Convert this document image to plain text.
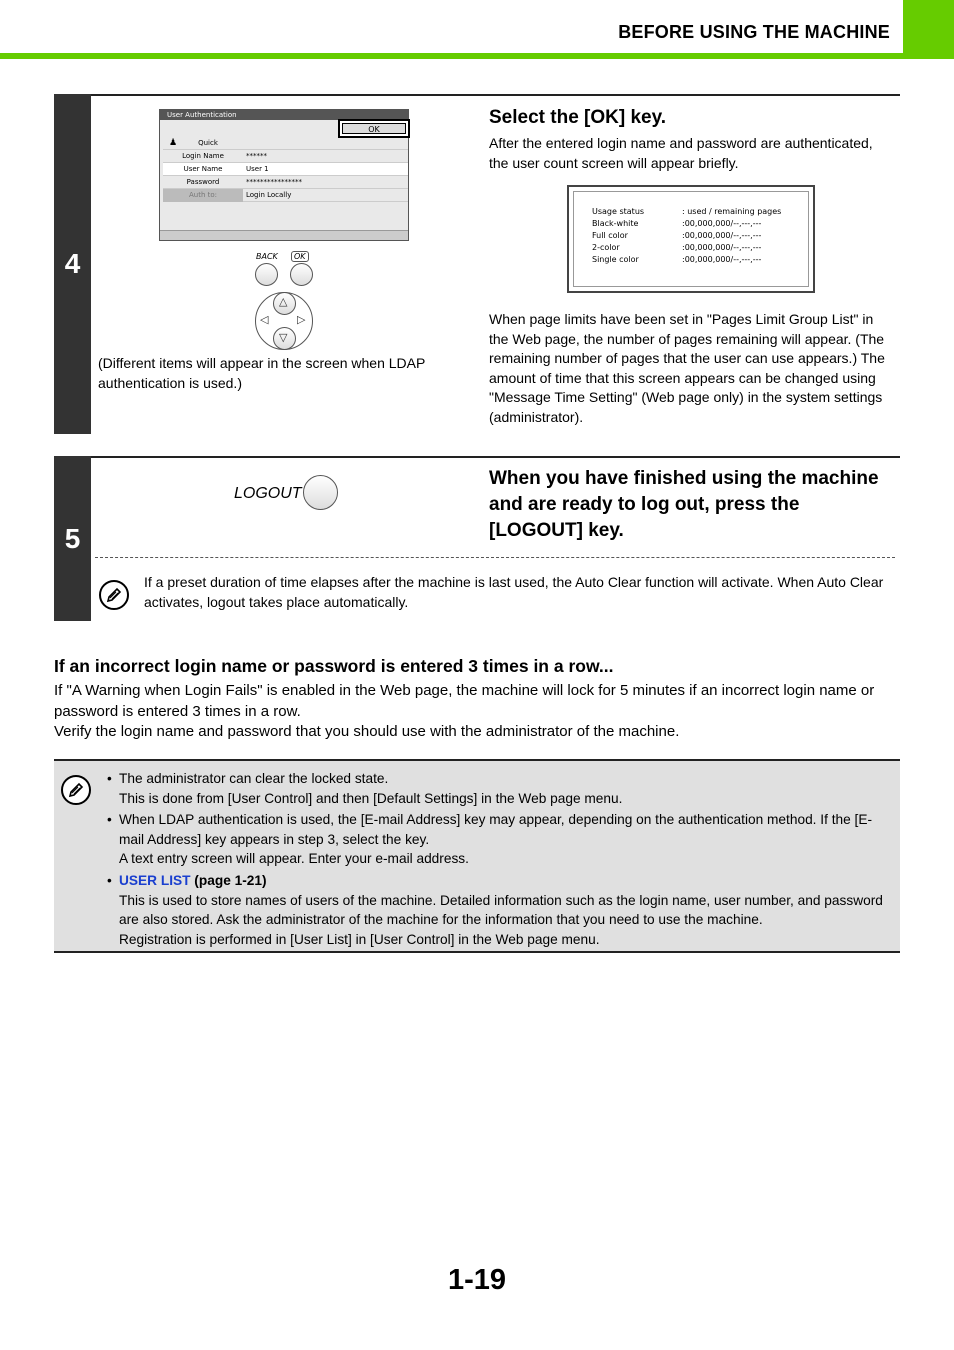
BEFORE USING THE MACHINE
4
User Authentication
OK
♟	Quick
Login Name	******
User Name	User 1
Password	****************
Auth to:	Login Locally
BACK	OK
△
▽
◁	▷
(Different items will appear in the screen when LDAP authentication is used.)
Select the [OK] key.
After the entered login name and password are authenticated, the user count screen will appear briefly.
Usage status	: used / remaining pages
Black-white	:00,000,000/--,---,---
Full color	:00,000,000/--,---,---
2-color	:00,000,000/--,---,---
Single color	:00,000,000/--,---,---
When page limits have been set in "Pages Limit Group List" in the Web page, the number of pages remaining will appear. (The remaining number of pages that the user can use appears.) The amount of time that this screen appears can be changed using "Message Time Setting" (Web page only) in the system settings (administrator).
5
LOGOUT
When you have finished using the machine and are ready to log out, press the [LOGOUT] key.
If a preset duration of time elapses after the machine is last used, the Auto Clear function will activate. When Auto Clear activates, logout takes place automatically.
If an incorrect login name or password is entered 3 times in a row...
If "A Warning when Login Fails" is enabled in the Web page, the machine will lock for 5 minutes if an incorrect login name or password is entered 3 times in a row.
Verify the login name and password that you should use with the administrator of the machine.
• The administrator can clear the locked state.
This is done from [User Control] and then [Default Settings] in the Web page menu.
• When LDAP authentication is used, the [E-mail Address] key may appear, depending on the authentication method. If the [E-mail Address] key appears in step 3, select the key.
A text entry screen will appear. Enter your e-mail address.
• USER LIST (page 1-21)
This is used to store names of users of the machine. Detailed information such as the login name, user number, and password are also stored. Ask the administrator of the machine for the information that you need to use the machine.
Registration is performed in [User List] in [User Control] in the Web page menu.
1-19
